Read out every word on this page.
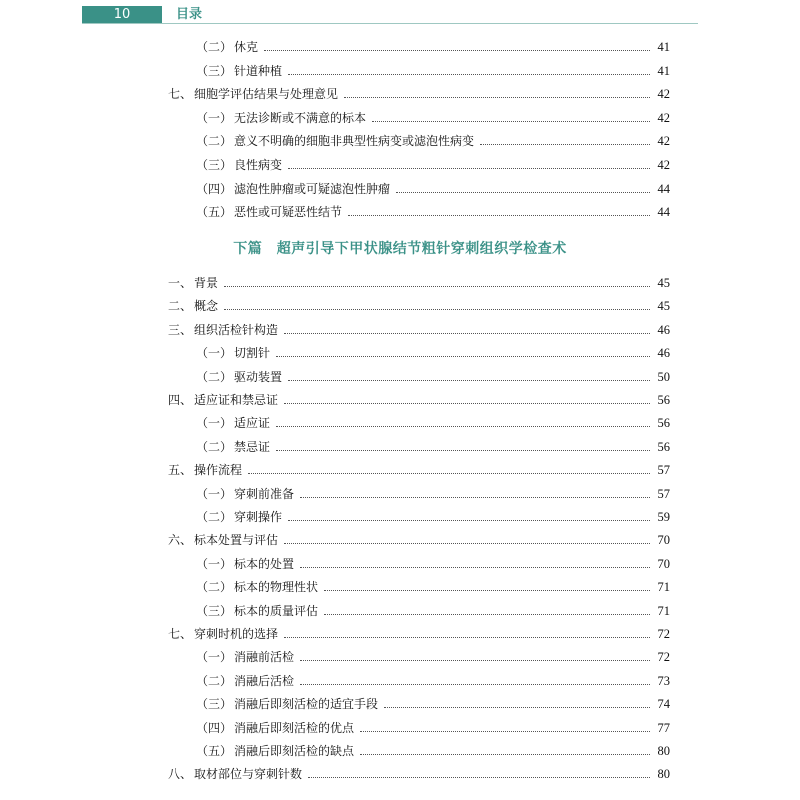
10	目录
（二） 休克	41
（三） 针道种植	41
七、 细胞学评估结果与处理意见	42
（一） 无法诊断或不满意的标本	42
（二） 意义不明确的细胞非典型性病变或滤泡性病变	42
（三） 良性病变	42
（四） 滤泡性肿瘤或可疑滤泡性肿瘤	44
（五） 恶性或可疑恶性结节	44
一、 背景	45
二、 概念	45
三、 组织活检针构造	46
（一） 切割针	46
（二） 驱动装置	50
四、 适应证和禁忌证	56
（一） 适应证	56
（二） 禁忌证	56
五、 操作流程	57
（一） 穿刺前准备	57
（二） 穿刺操作	59
六、 标本处置与评估	70
（一） 标本的处置	70
（二） 标本的物理性状	71
（三） 标本的质量评估	71
七、 穿刺时机的选择	72
（一） 消融前活检	72
（二） 消融后活检	73
（三） 消融后即刻活检的适宜手段	74
（四） 消融后即刻活检的优点	77
（五） 消融后即刻活检的缺点	80
八、 取材部位与穿刺针数	80
下篇　超声引导下甲状腺结节粗针穿刺组织学检查术
